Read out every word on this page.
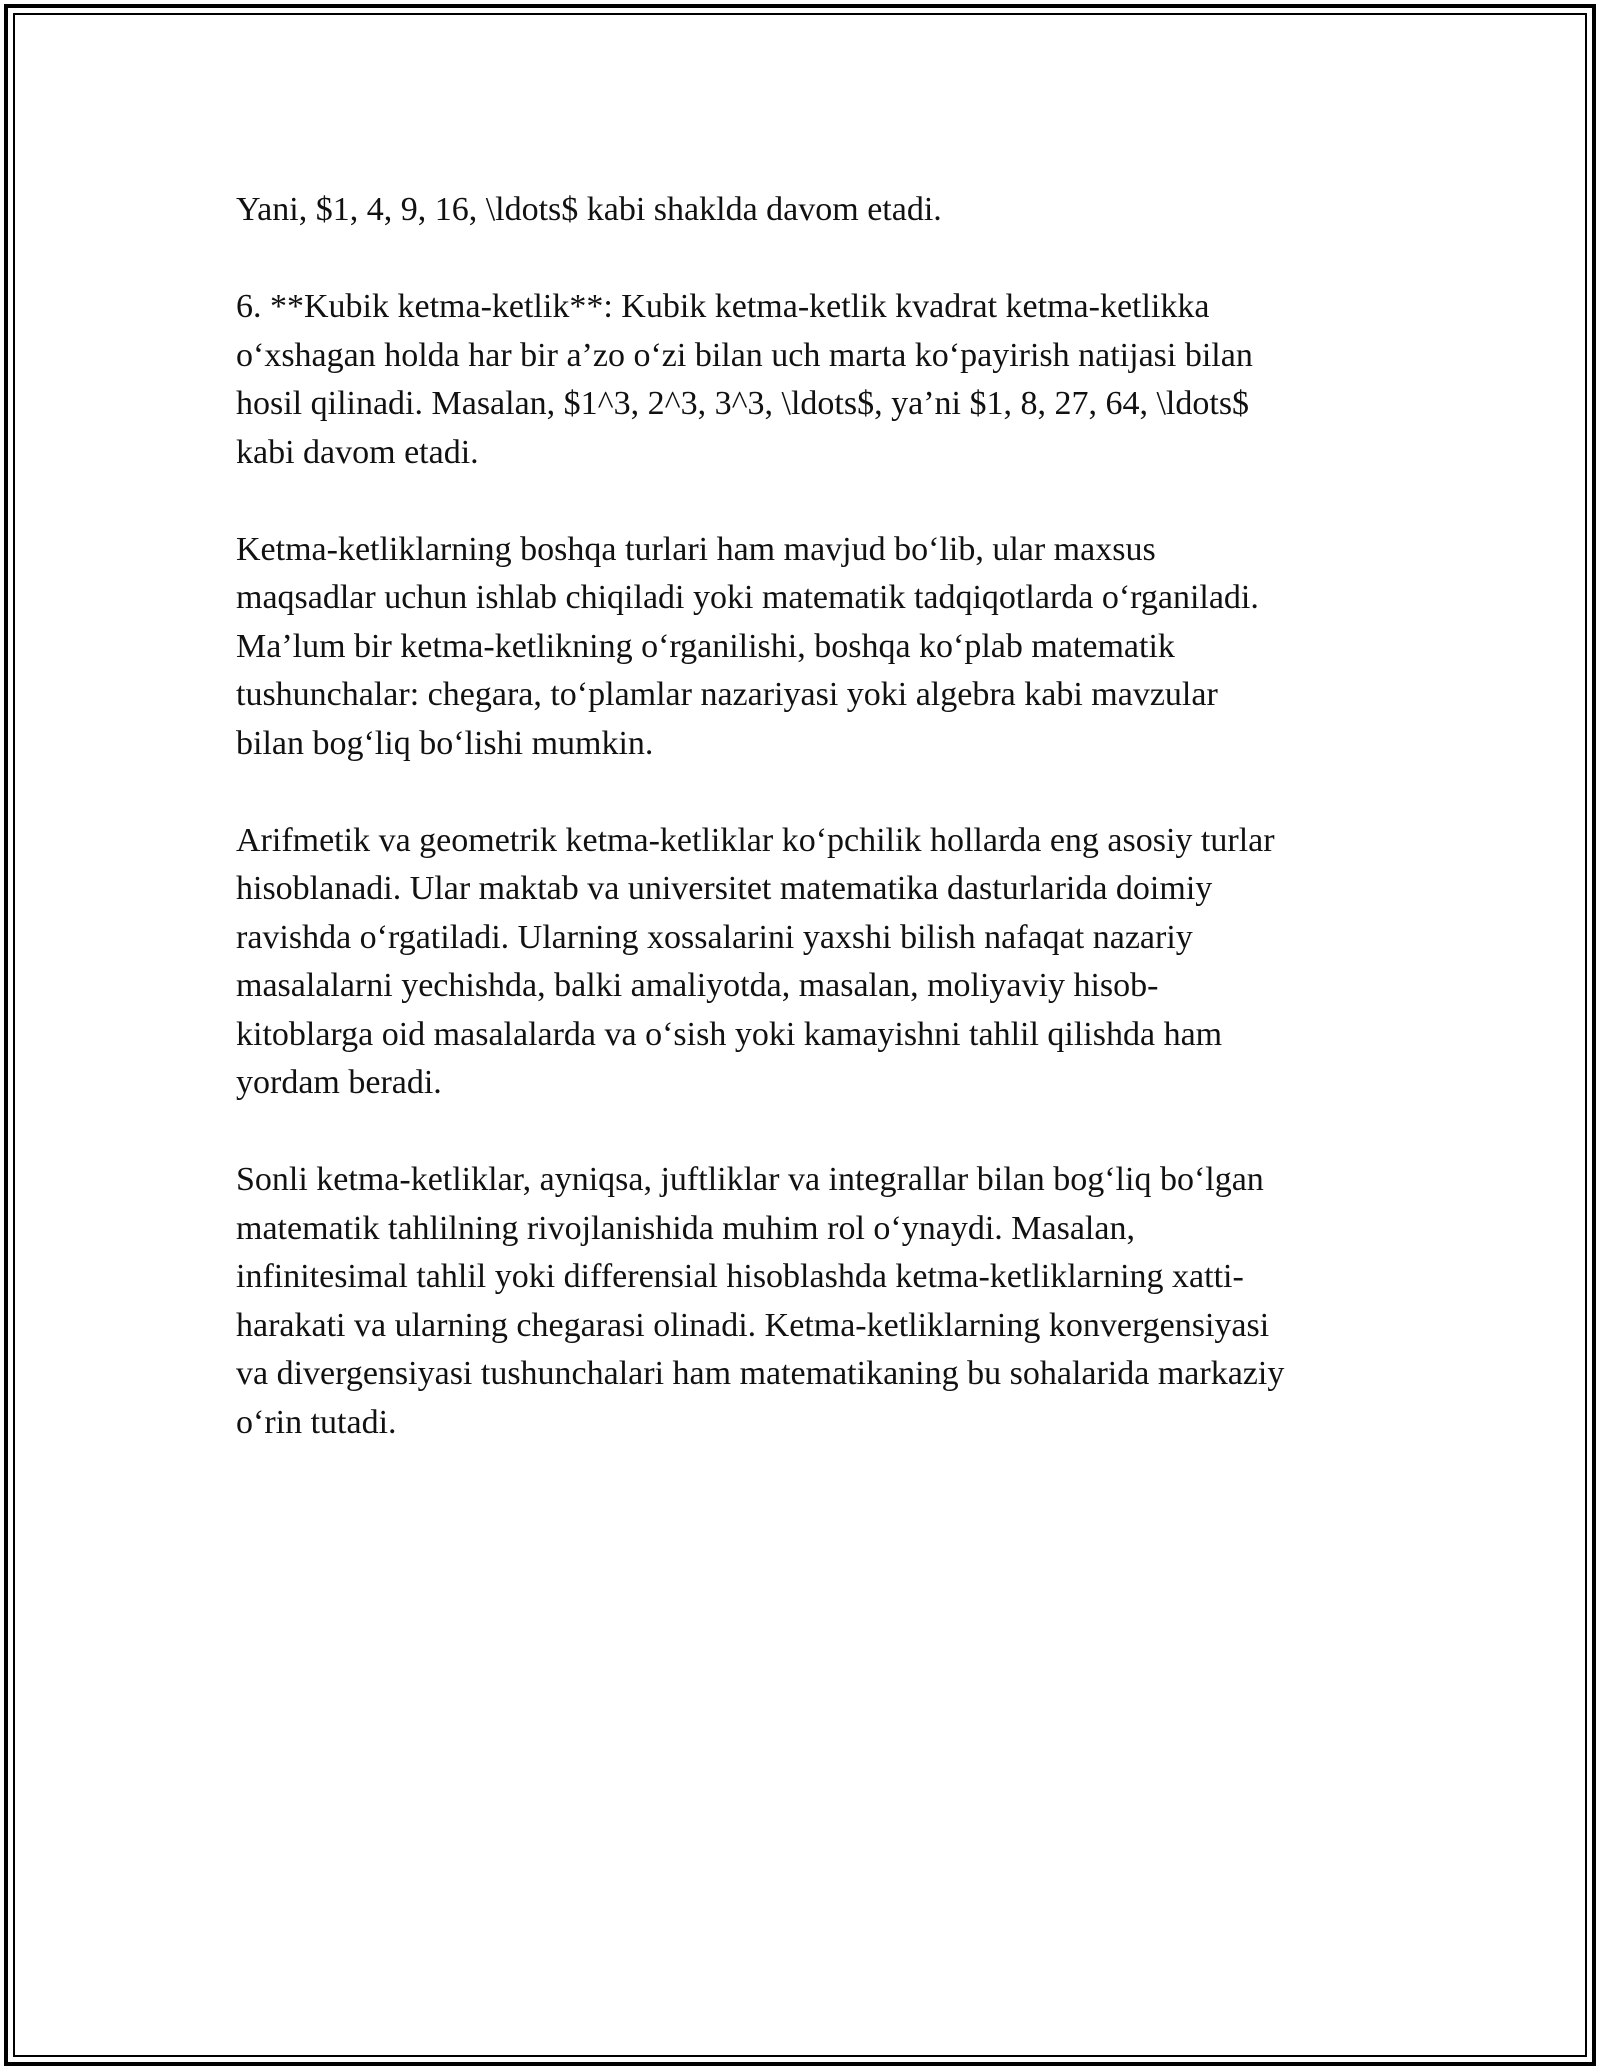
Yani, $1, 4, 9, 16, \ldots$ kabi shaklda davom etadi.

6. **Kubik ketma-ketlik**: Kubik ketma-ketlik kvadrat ketma-ketlikka
o‘xshagan holda har bir a’zo o‘zi bilan uch marta ko‘payirish natijasi bilan
hosil qilinadi. Masalan, $1^3, 2^3, 3^3, \ldots$, ya’ni $1, 8, 27, 64, \ldots$
kabi davom etadi.

Ketma-ketliklarning boshqa turlari ham mavjud bo‘lib, ular maxsus
maqsadlar uchun ishlab chiqiladi yoki matematik tadqiqotlarda o‘rganiladi.
Ma’lum bir ketma-ketlikning o‘rganilishi, boshqa ko‘plab matematik
tushunchalar: chegara, to‘plamlar nazariyasi yoki algebra kabi mavzular
bilan bog‘liq bo‘lishi mumkin.

Arifmetik va geometrik ketma-ketliklar ko‘pchilik hollarda eng asosiy turlar
hisoblanadi. Ular maktab va universitet matematika dasturlarida doimiy
ravishda o‘rgatiladi. Ularning xossalarini yaxshi bilish nafaqat nazariy
masalalarni yechishda, balki amaliyotda, masalan, moliyaviy hisob-
kitoblarga oid masalalarda va o‘sish yoki kamayishni tahlil qilishda ham
yordam beradi.

Sonli ketma-ketliklar, ayniqsa, juftliklar va integrallar bilan bog‘liq bo‘lgan
matematik tahlilning rivojlanishida muhim rol o‘ynaydi. Masalan,
infinitesimal tahlil yoki differensial hisoblashda ketma-ketliklarning xatti-
harakati va ularning chegarasi olinadi. Ketma-ketliklarning konvergensiyasi
va divergensiyasi tushunchalari ham matematikaning bu sohalarida markaziy
o‘rin tutadi.
